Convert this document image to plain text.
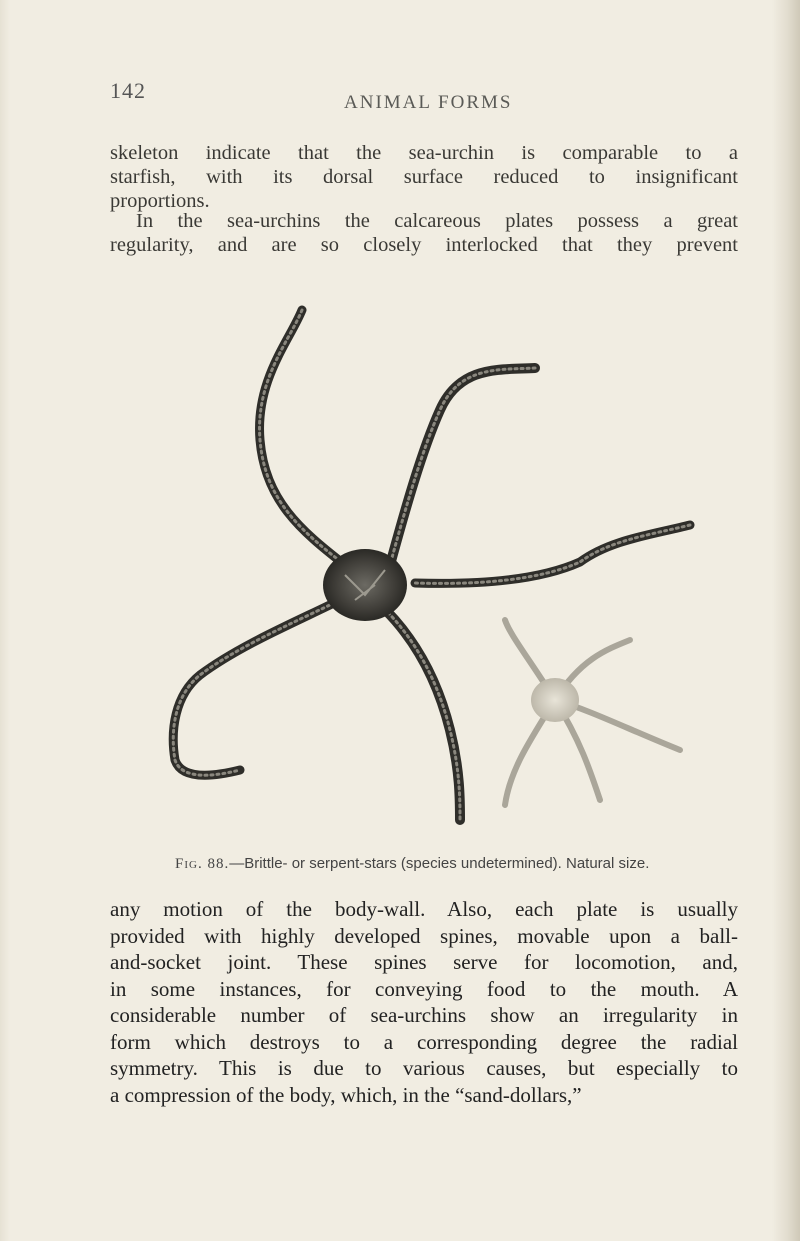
142	ANIMAL FORMS
skeleton indicate that the sea-urchin is comparable to a
starfish, with its dorsal surface reduced to insignificant
proportions.
In the sea-urchins the calcareous plates possess a great
regularity, and are so closely interlocked that they prevent
Fig. 88.—Brittle- or serpent-stars (species undetermined). Natural size.
any motion of the body-wall. Also, each plate is usually
provided with highly developed spines, movable upon a ball-
and-socket joint. These spines serve for locomotion, and,
in some instances, for conveying food to the mouth. A
considerable number of sea-urchins show an irregularity in
form which destroys to a corresponding degree the radial
symmetry. This is due to various causes, but especially to
a compression of the body, which, in the “sand-dollars,”
